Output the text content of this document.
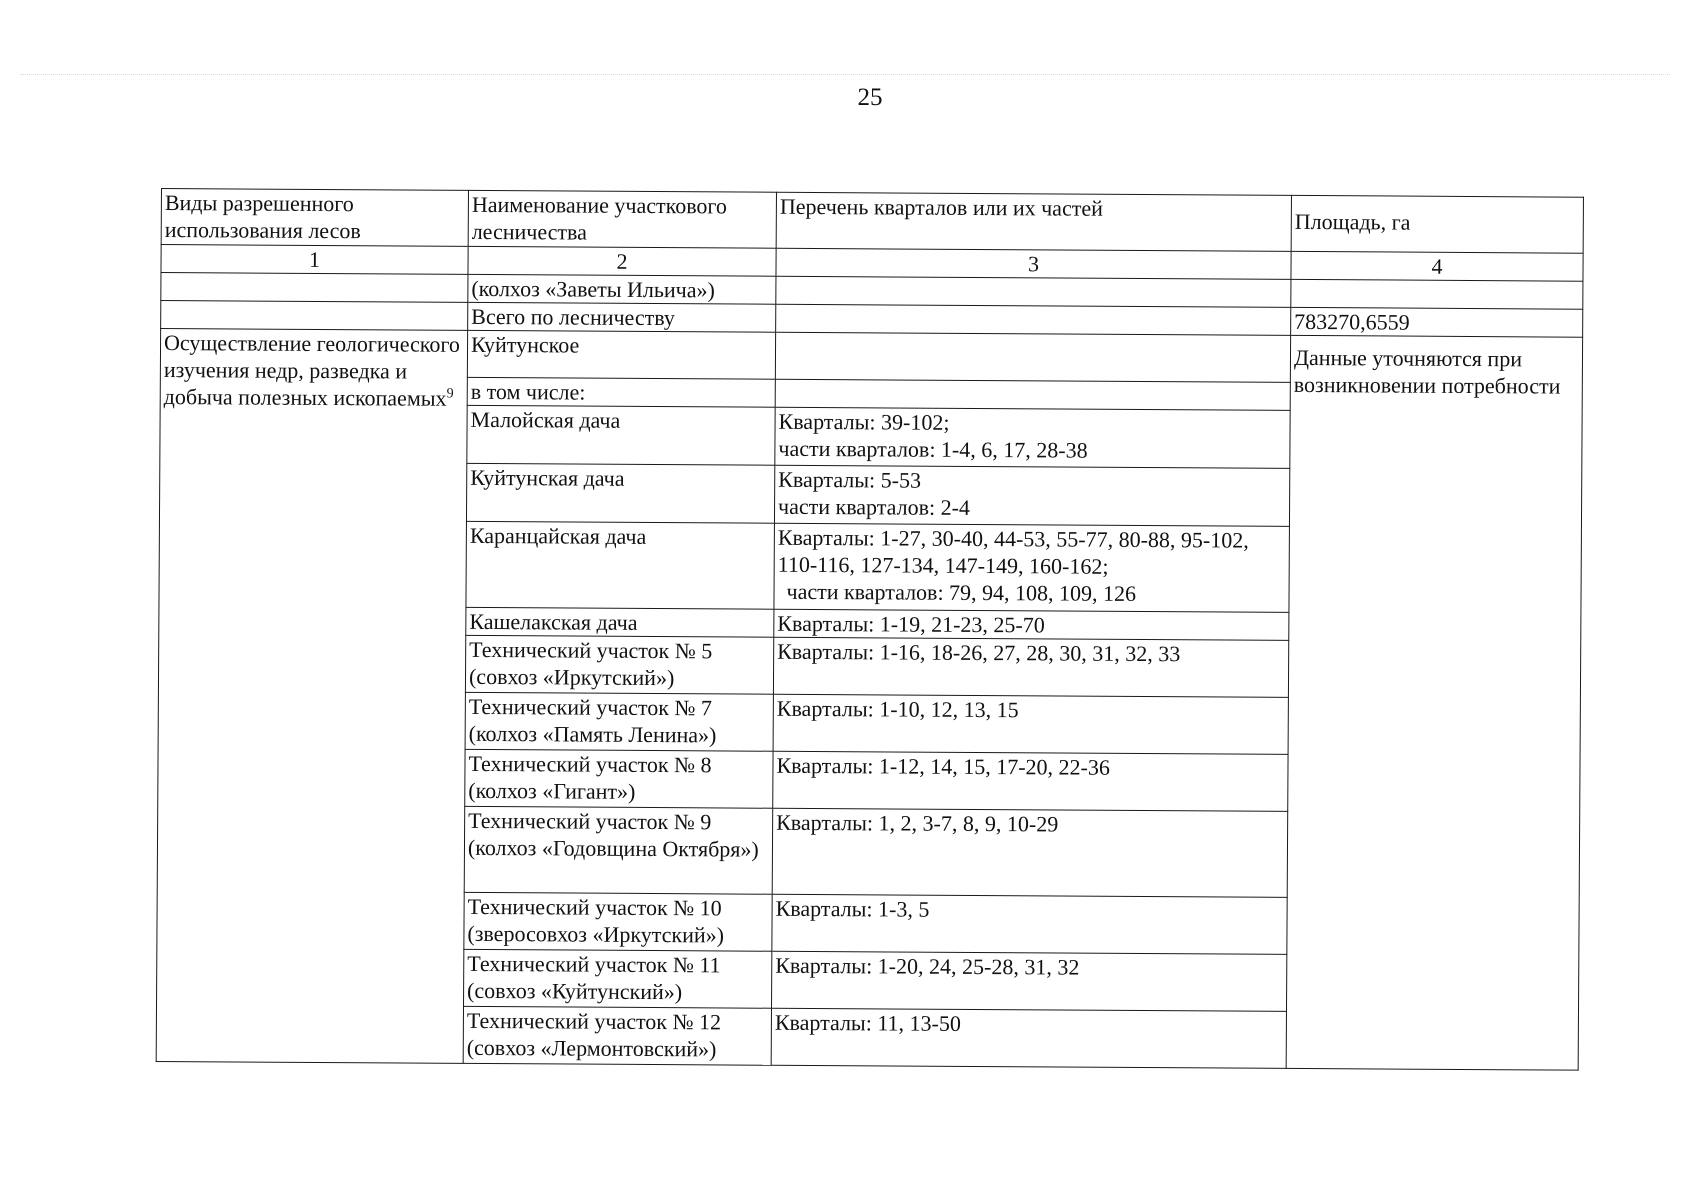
25
Виды разрешенного использования лесов	Наименование участкового лесничества	Перечень кварталов или их частей	Площадь, га
1	2	3	4
	(колхоз «Заветы Ильича»)		
	Всего по лесничеству		783270,6559
Осуществление геологического изучения недр, разведка и добыча полезных ископаемых$^9$	Куйтунское		Данные уточняются при возникновении потребности
	в том числе:		
	Малойская дача	Кварталы: 39-102;
части кварталов: 1-4, 6, 17, 28-38	

	Куйтунская дача	Кварталы: 5-53
части кварталов: 2-4	

	Каранцайская дача	Кварталы: 1-27, 30-40, 44-53, 55-77, 80-88, 95-102, 110-116, 127-134, 147-149, 160-162;
части кварталов: 79, 94, 108, 109, 126	
	Кашелакская дача	Кварталы: 1-19, 21-23, 25-70	

	Технический участок № 5
(совхоз «Иркутский»)	Кварталы: 1-16, 18-26, 27, 28, 30, 31, 32, 33	

	Технический участок № 7
(колхоз «Память Ленина»)	Кварталы: 1-10, 12, 13, 15	

	Технический участок № 8
(колхоз «Гигант»)	Кварталы: 1-12, 14, 15, 17-20, 22-36	

	Технический участок № 9
(колхоз «Годовщина Октября»)	Кварталы: 1, 2, 3-7, 8, 9, 10-29	

	Технический участок № 10
(зверосовхоз «Иркутский»)	Кварталы: 1-3, 5	

	Технический участок № 11
(совхоз «Куйтунский»)	Кварталы: 1-20, 24, 25-28, 31, 32	

	Технический участок № 12
(совхоз «Лермонтовский»)	Кварталы: 11, 13-50	
